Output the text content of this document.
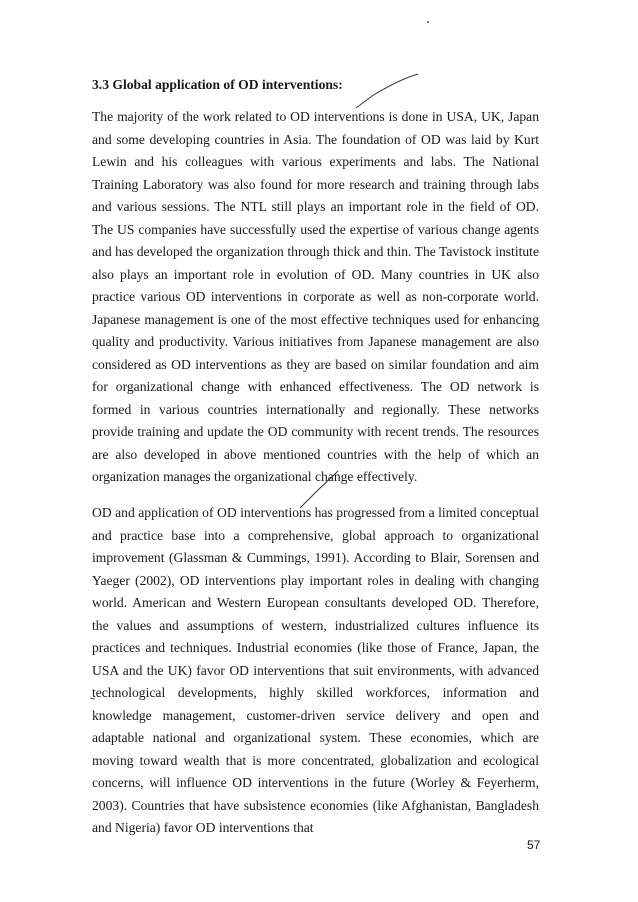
3.3 Global application of OD interventions:

The majority of the work related to OD interventions is done in USA, UK, Japan and some developing countries in Asia. The foundation of OD was laid by Kurt Lewin and his colleagues with various experiments and labs. The National Training Laboratory was also found for more research and training through labs and various sessions. The NTL still plays an important role in the field of OD. The US companies have successfully used the expertise of various change agents and has developed the organization through thick and thin. The Tavistock institute also plays an important role in evolution of OD. Many countries in UK also practice various OD interventions in corporate as well as non-corporate world. Japanese management is one of the most effective techniques used for enhancing quality and productivity. Various initiatives from Japanese management are also considered as OD interventions as they are based on similar foundation and aim for organizational change with enhanced effectiveness. The OD network is formed in various countries internationally and regionally. These networks provide training and update the OD community with recent trends. The resources are also developed in above mentioned countries with the help of which an organization manages the organizational change effectively.

OD and application of OD interventions has progressed from a limited conceptual and practice base into a comprehensive, global approach to organizational improvement (Glassman & Cummings, 1991). According to Blair, Sorensen and Yaeger (2002), OD interventions play important roles in dealing with changing world. American and Western European consultants developed OD. Therefore, the values and assumptions of western, industrialized cultures influence its practices and techniques. Industrial economies (like those of France, Japan, the USA and the UK) favor OD interventions that suit environments, with advanced technological developments, highly skilled workforces, information and knowledge management, customer-driven service delivery and open and adaptable national and organizational system. These economies, which are moving toward wealth that is more concentrated, globalization and ecological concerns, will influence OD interventions in the future (Worley & Feyerherm, 2003). Countries that have subsistence economies (like Afghanistan, Bangladesh and Nigeria) favor OD interventions that

57
